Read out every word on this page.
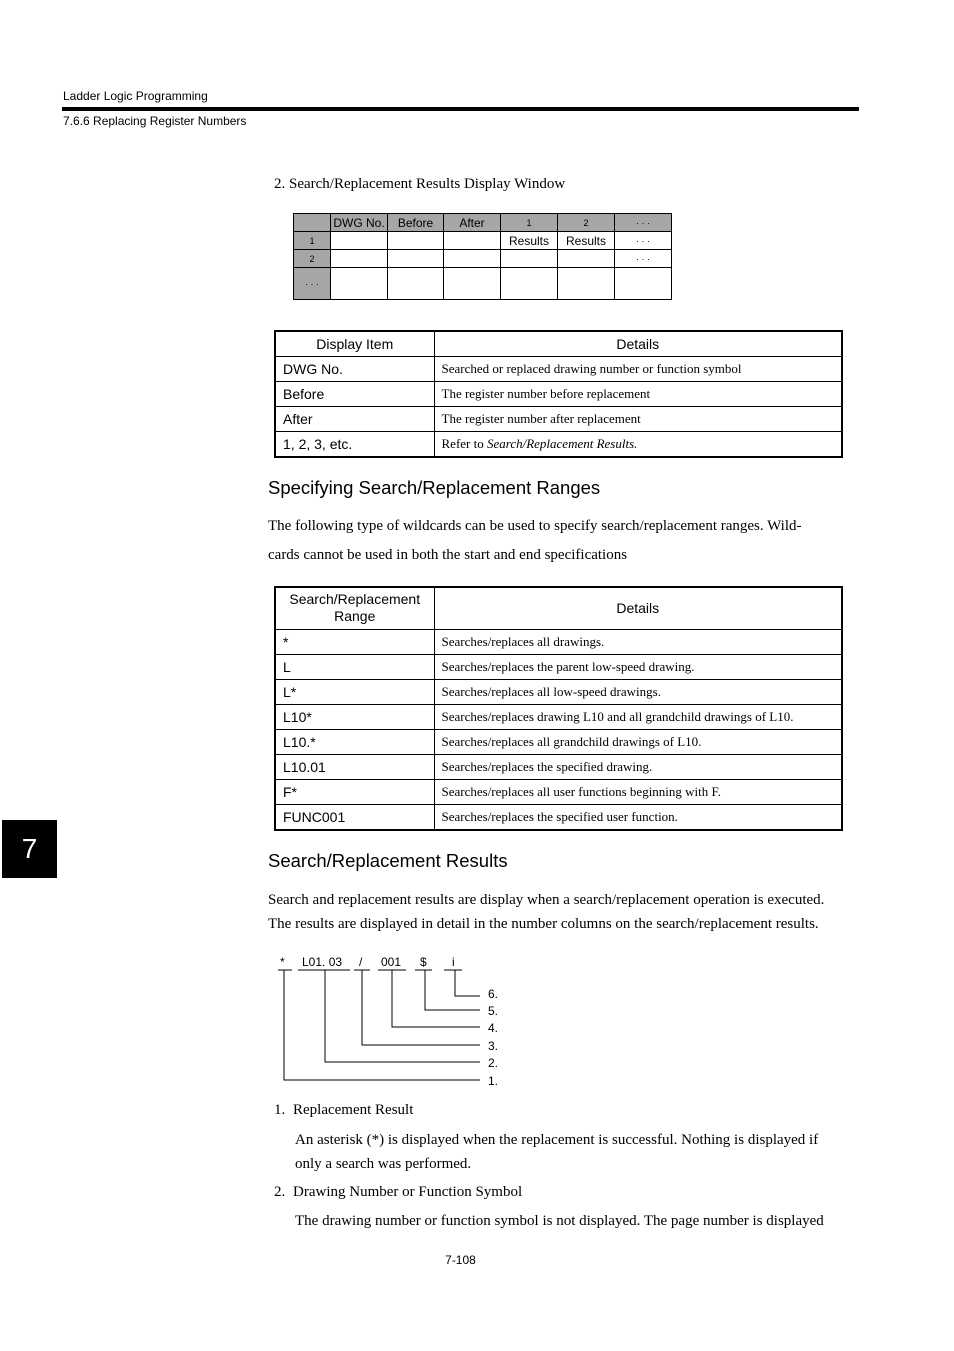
Ladder Logic Programming
7.6.6 Replacing Register Numbers
7
2. Search/Replacement Results Display Window
	DWG No.	Before	After	1	2	· · ·
1				Results	Results	· · ·
2						· · ·
· · ·						
Display Item	Details
DWG No.	Searched or replaced drawing number or function symbol
Before	The register number before replacement
After	The register number after replacement
1, 2, 3, etc.	Refer to Search/Replacement Results.
Specifying Search/Replacement Ranges
The following type of wildcards can be used to specify search/replacement ranges. Wild-
cards cannot be used in both the start and end specifications
Search/Replacement Range	Details
*	Searches/replaces all drawings.
L	Searches/replaces the parent low-speed drawing.
L*	Searches/replaces all low-speed drawings.
L10*	Searches/replaces drawing L10 and all grandchild drawings of L10.
L10.*	Searches/replaces all grandchild drawings of L10.
L10.01	Searches/replaces the specified drawing.
F*	Searches/replaces all user functions beginning with F.
FUNC001	Searches/replaces the specified user function.
Search/Replacement Results
Search and replacement results are display when a search/replacement operation is executed.
The results are displayed in detail in the number columns on the search/replacement results.
* L01. 03 / 001 $ i
6.
5.
4.
3.
2.
1.
1. Replacement Result
An asterisk (*) is displayed when the replacement is successful. Nothing is displayed if
only a search was performed.
2. Drawing Number or Function Symbol
The drawing number or function symbol is not displayed. The page number is displayed
7-108
